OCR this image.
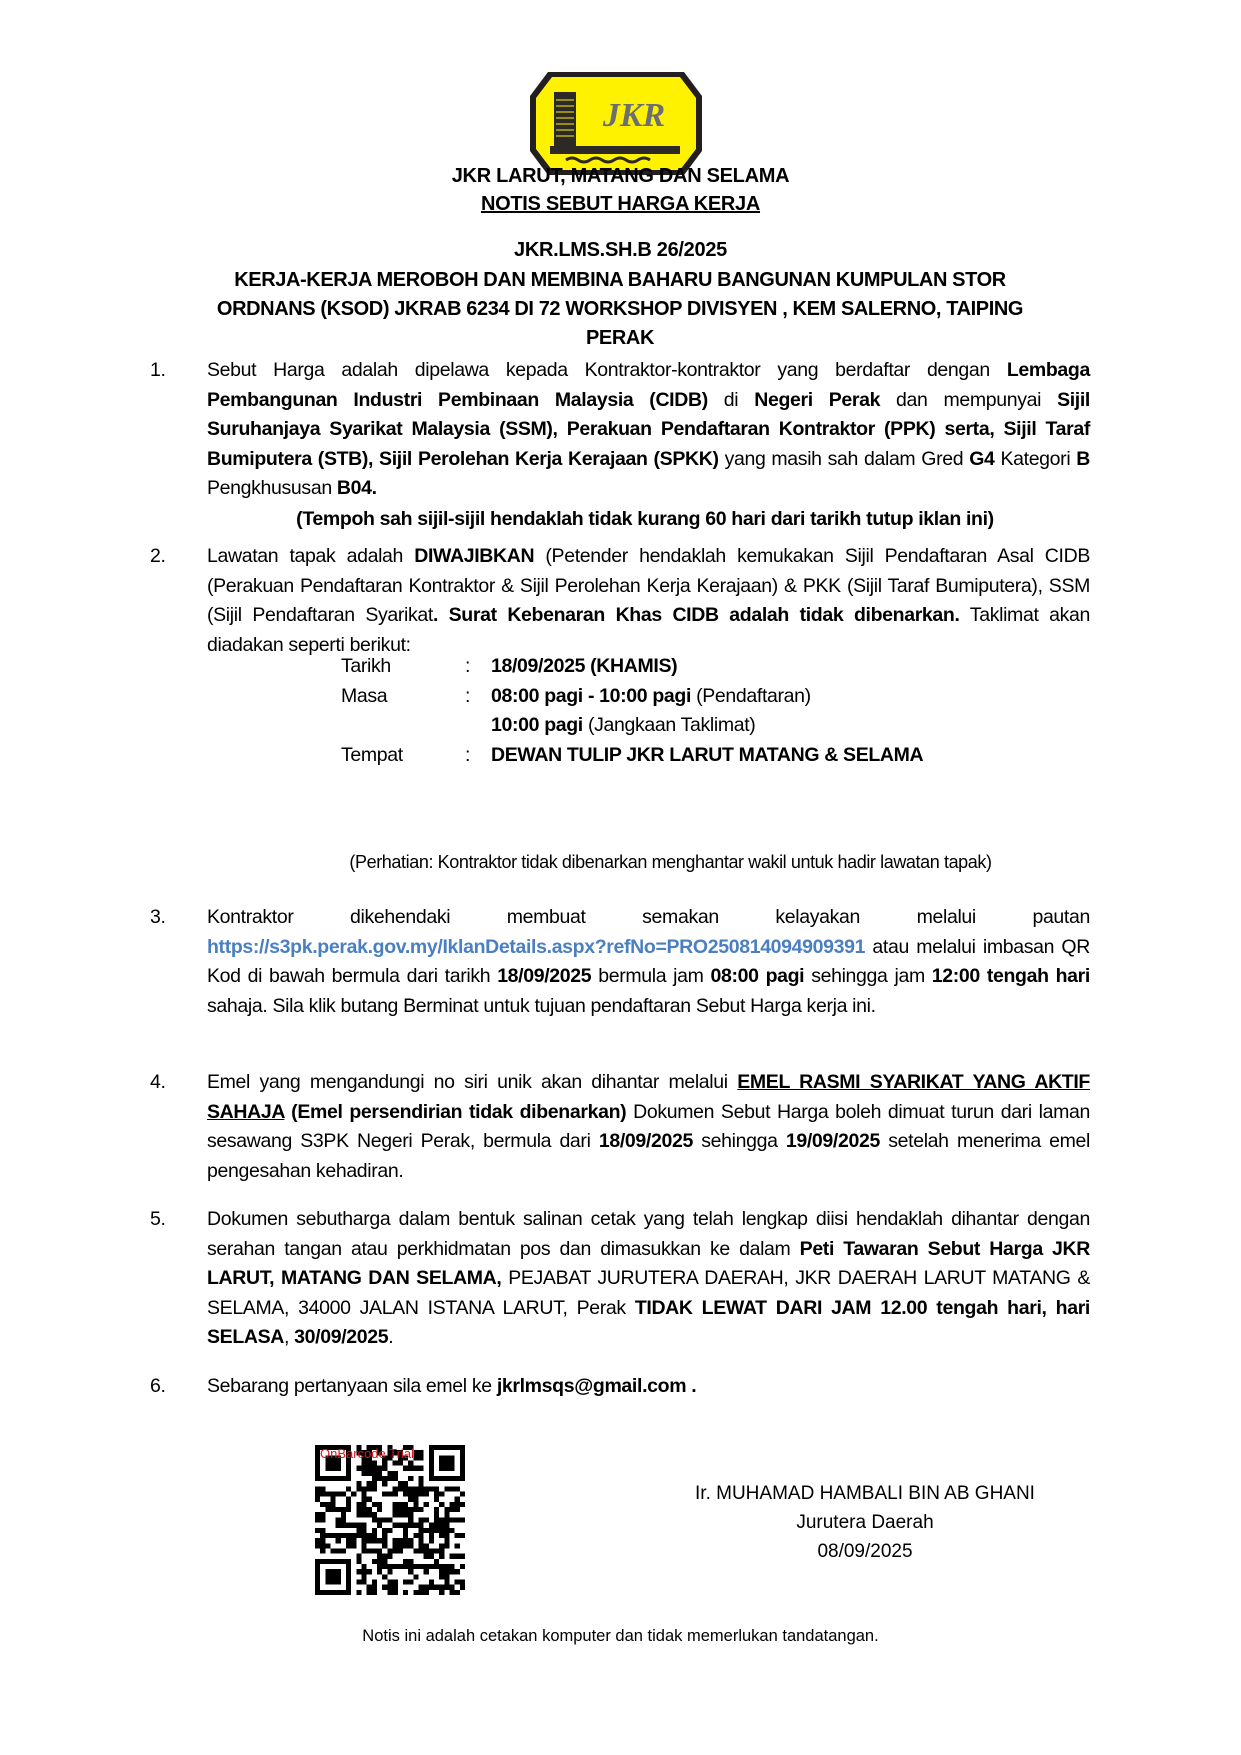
JKR
JKR LARUT, MATANG DAN SELAMA
NOTIS SEBUT HARGA KERJA
JKR.LMS.SH.B 26/2025
KERJA-KERJA MEROBOH DAN MEMBINA BAHARU BANGUNAN KUMPULAN STOR
ORDNANS (KSOD) JKRAB 6234 DI 72 WORKSHOP DIVISYEN , KEM SALERNO, TAIPING
PERAK
1.	Sebut Harga adalah dipelawa kepada Kontraktor-kontraktor yang berdaftar dengan Lembaga Pembangunan Industri Pembinaan Malaysia (CIDB) di Negeri Perak dan mempunyai Sijil Suruhanjaya Syarikat Malaysia (SSM), Perakuan Pendaftaran Kontraktor (PPK) serta, Sijil Taraf Bumiputera (STB), Sijil Perolehan Kerja Kerajaan (SPKK) yang masih sah dalam Gred G4 Kategori B Pengkhususan B04.
(Tempoh sah sijil-sijil hendaklah tidak kurang 60 hari dari tarikh tutup iklan ini)
2.	Lawatan tapak adalah DIWAJIBKAN (Petender hendaklah kemukakan Sijil Pendaftaran Asal CIDB (Perakuan Pendaftaran Kontraktor & Sijil Perolehan Kerja Kerajaan) & PKK (Sijil Taraf Bumiputera), SSM (Sijil Pendaftaran Syarikat. Surat Kebenaran Khas CIDB adalah tidak dibenarkan. Taklimat akan diadakan seperti berikut:
Tarikh	: 18/09/2025 (KHAMIS)
Masa	: 08:00 pagi - 10:00 pagi (Pendaftaran)
10:00 pagi (Jangkaan Taklimat)
Tempat	: DEWAN TULIP JKR LARUT MATANG & SELAMA
(Perhatian: Kontraktor tidak dibenarkan menghantar wakil untuk hadir lawatan tapak)
3.	Kontraktor dikehendaki membuat semakan kelayakan melalui pautan https://s3pk.perak.gov.my/IklanDetails.aspx?refNo=PRO250814094909391 atau melalui imbasan QR Kod di bawah bermula dari tarikh 18/09/2025 bermula jam 08:00 pagi sehingga jam 12:00 tengah hari sahaja. Sila klik butang Berminat untuk tujuan pendaftaran Sebut Harga kerja ini.
4.	Emel yang mengandungi no siri unik akan dihantar melalui EMEL RASMI SYARIKAT YANG AKTIF SAHAJA (Emel persendirian tidak dibenarkan) Dokumen Sebut Harga boleh dimuat turun dari laman sesawang S3PK Negeri Perak, bermula dari 18/09/2025 sehingga 19/09/2025 setelah menerima emel pengesahan kehadiran.
5.	Dokumen sebutharga dalam bentuk salinan cetak yang telah lengkap diisi hendaklah dihantar dengan serahan tangan atau perkhidmatan pos dan dimasukkan ke dalam Peti Tawaran Sebut Harga JKR LARUT, MATANG DAN SELAMA, PEJABAT JURUTERA DAERAH, JKR DAERAH LARUT MATANG & SELAMA, 34000 JALAN ISTANA LARUT, Perak TIDAK LEWAT DARI JAM 12.00 tengah hari, hari SELASA, 30/09/2025.
6.	Sebarang pertanyaan sila emel ke jkrlmsqs@gmail.com .
OnBarcode Trial
Ir. MUHAMAD HAMBALI BIN AB GHANI
Jurutera Daerah
08/09/2025
Notis ini adalah cetakan komputer dan tidak memerlukan tandatangan.
